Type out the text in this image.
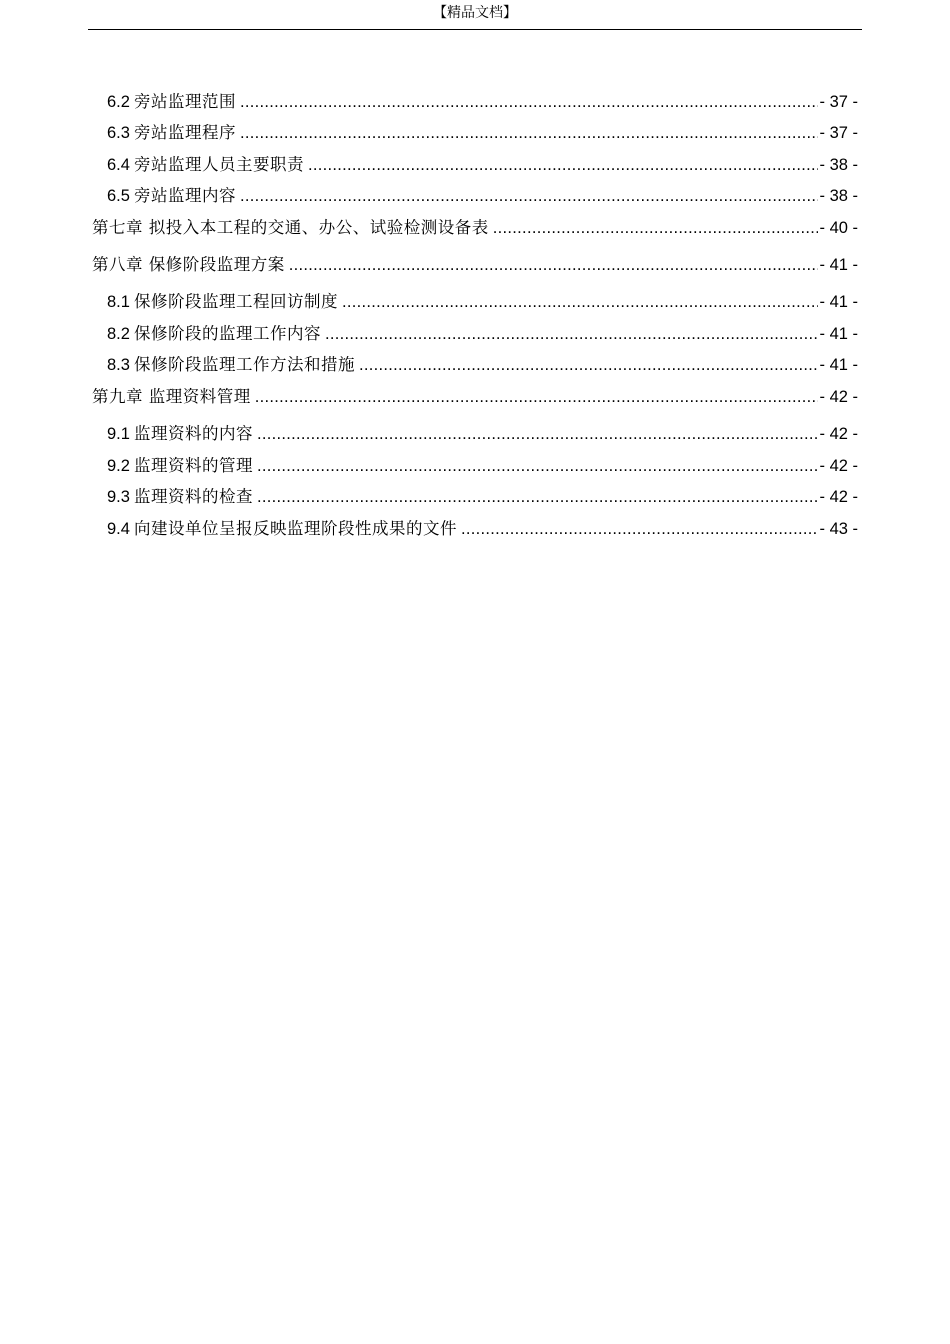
【精品文档】
6.2 旁站监理范围 .....	- 37 -
6.3 旁站监理程序 .....	- 37 -
6.4 旁站监理人员主要职责 .....	- 38 -
6.5 旁站监理内容 .....	- 38 -
第七章 拟投入本工程的交通、办公、试验检测设备表 .....	- 40 -
第八章 保修阶段监理方案 .....	- 41 -
8.1 保修阶段监理工程回访制度 .....	- 41 -
8.2 保修阶段的监理工作内容 .....	- 41 -
8.3 保修阶段监理工作方法和措施 .....	- 41 -
第九章 监理资料管理 .....	- 42 -
9.1 监理资料的内容 .....	- 42 -
9.2 监理资料的管理 .....	- 42 -
9.3 监理资料的检查 .....	- 42 -
9.4 向建设单位呈报反映监理阶段性成果的文件 .....	- 43 -
